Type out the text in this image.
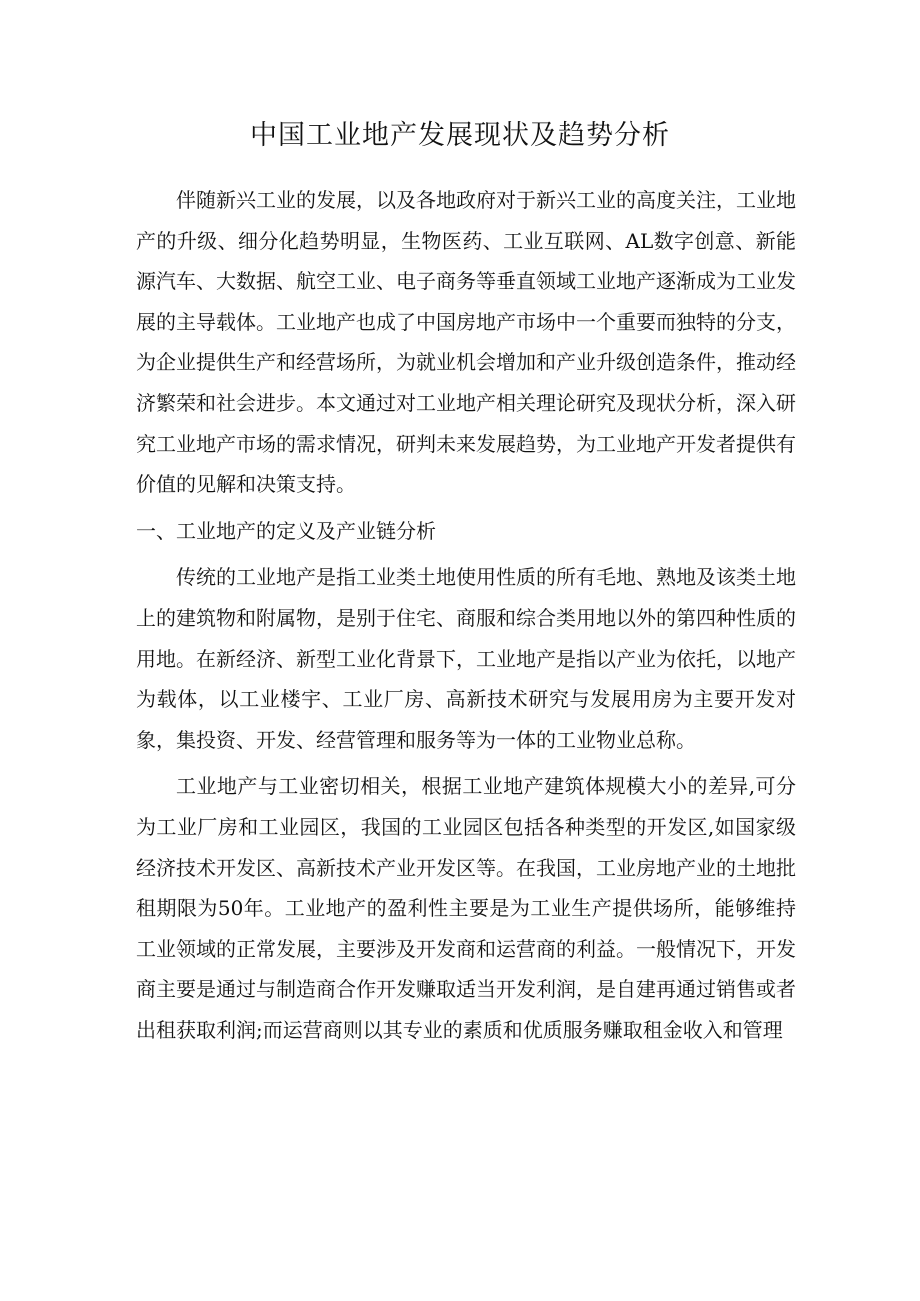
中国工业地产发展现状及趋势分析

伴随新兴工业的发展，以及各地政府对于新兴工业的高度关注，工业地产的升级、细分化趋势明显，生物医药、工业互联网、AL数字创意、新能源汽车、大数据、航空工业、电子商务等垂直领域工业地产逐渐成为工业发展的主导载体。工业地产也成了中国房地产市场中一个重要而独特的分支，为企业提供生产和经营场所，为就业机会增加和产业升级创造条件，推动经济繁荣和社会进步。本文通过对工业地产相关理论研究及现状分析，深入研究工业地产市场的需求情况，研判未来发展趋势，为工业地产开发者提供有价值的见解和决策支持。

一、工业地产的定义及产业链分析

传统的工业地产是指工业类土地使用性质的所有毛地、熟地及该类土地上的建筑物和附属物，是别于住宅、商服和综合类用地以外的第四种性质的用地。在新经济、新型工业化背景下，工业地产是指以产业为依托，以地产为载体，以工业楼宇、工业厂房、高新技术研究与发展用房为主要开发对象，集投资、开发、经营管理和服务等为一体的工业物业总称。

工业地产与工业密切相关，根据工业地产建筑体规模大小的差异,可分为工业厂房和工业园区，我国的工业园区包括各种类型的开发区,如国家级经济技术开发区、高新技术产业开发区等。在我国，工业房地产业的土地批租期限为50年。工业地产的盈利性主要是为工业生产提供场所，能够维持工业领域的正常发展，主要涉及开发商和运营商的利益。一般情况下，开发商主要是通过与制造商合作开发赚取适当开发利润，是自建再通过销售或者出租获取利润;而运营商则以其专业的素质和优质服务赚取租金收入和管理
